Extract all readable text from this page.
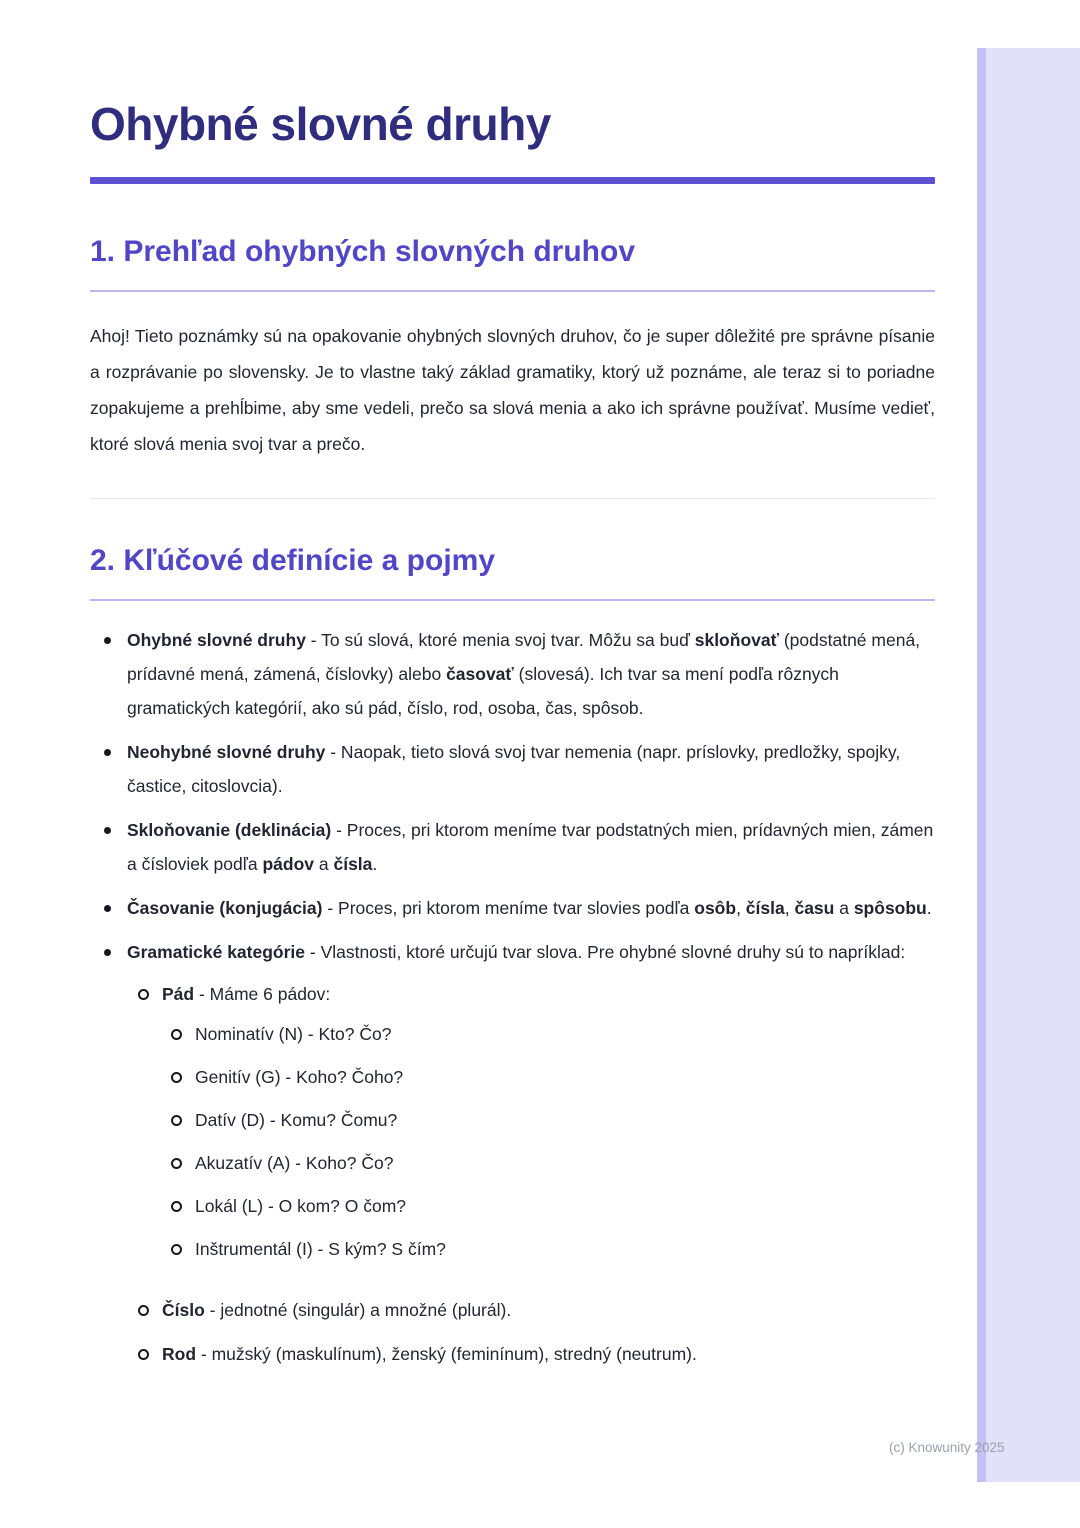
Ohybné slovné druhy
1. Prehľad ohybných slovných druhov

Ahoj! Tieto poznámky sú na opakovanie ohybných slovných druhov, čo je super dôležité pre správne písanie a rozprávanie po slovensky. Je to vlastne taký základ gramatiky, ktorý už poznáme, ale teraz si to poriadne zopakujeme a prehĺbime, aby sme vedeli, prečo sa slová menia a ako ich správne používať. Musíme vedieť, ktoré slová menia svoj tvar a prečo.

2. Kľúčové definície a pojmy
Ohybné slovné druhy - To sú slová, ktoré menia svoj tvar. Môžu sa buď skloňovať (podstatné mená, prídavné mená, zámená, číslovky) alebo časovať (slovesá). Ich tvar sa mení podľa rôznych gramatických kategórií, ako sú pád, číslo, rod, osoba, čas, spôsob.
Neohybné slovné druhy - Naopak, tieto slová svoj tvar nemenia (napr. príslovky, predložky, spojky, častice, citoslovcia).
Skloňovanie (deklinácia) - Proces, pri ktorom meníme tvar podstatných mien, prídavných mien, zámen a čísloviek podľa pádov a čísla.
Časovanie (konjugácia) - Proces, pri ktorom meníme tvar slovies podľa osôb, čísla, času a spôsobu.
Gramatické kategórie - Vlastnosti, ktoré určujú tvar slova. Pre ohybné slovné druhy sú to napríklad:
Pád - Máme 6 pádov:
Nominatív (N) - Kto? Čo?
Genitív (G) - Koho? Čoho?
Datív (D) - Komu? Čomu?
Akuzatív (A) - Koho? Čo?
Lokál (L) - O kom? O čom?
Inštrumentál (I) - S kým? S čím?
Číslo - jednotné (singulár) a množné (plurál).
Rod - mužský (maskulínum), ženský (feminínum), stredný (neutrum).
(c) Knowunity 2025
